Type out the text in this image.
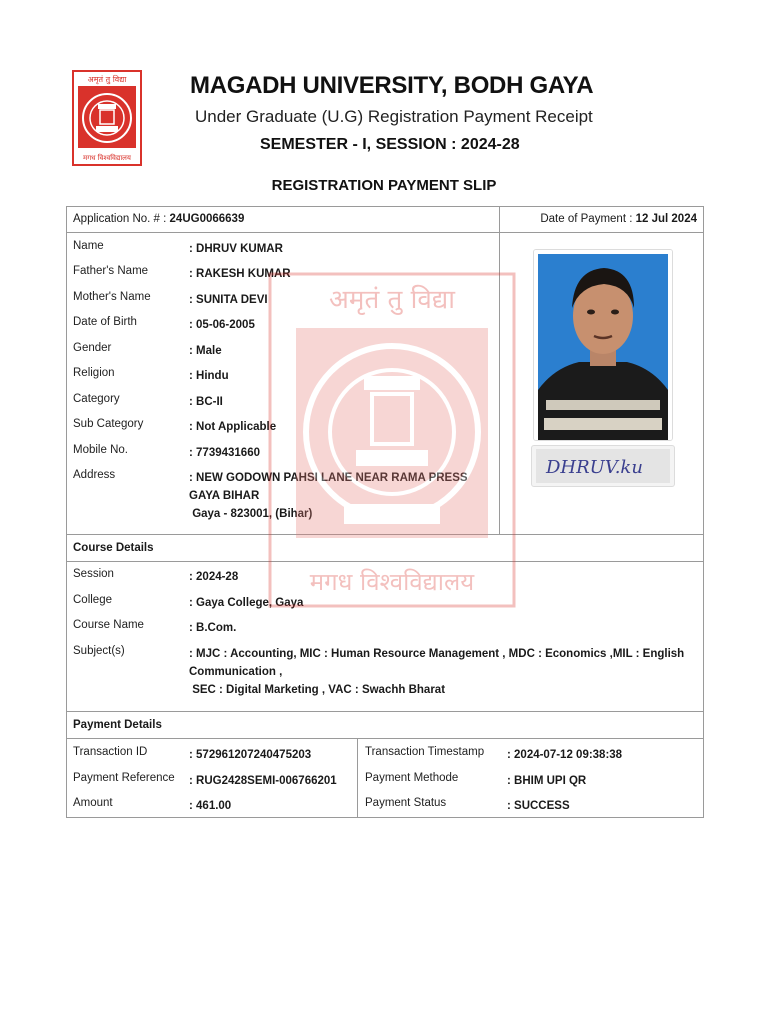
अमृतं तु विद्या
मगध विश्वविद्यालय
MAGADH UNIVERSITY, BODH GAYA
Under Graduate (U.G) Registration Payment Receipt
SEMESTER - I, SESSION : 2024-28
REGISTRATION PAYMENT SLIP
Application No. # : 24UG0066639	Date of Payment : 12 Jul 2024
Name	: DHRUV KUMAR
Father's Name	: RAKESH KUMAR
Mother's Name	: SUNITA DEVI
Date of Birth	: 05-06-2005
Gender	: Male
Religion	: Hindu
Category	: BC-II
Sub Category	: Not Applicable
Mobile No.	: 7739431660
Address	: NEW GODOWN PAHSI LANE NEAR RAMA PRESS
GAYA BIHAR
Gaya - 823001, (Bihar)
DHRUV.ku
Course Details
Session	: 2024-28
College	: Gaya College, Gaya
Course Name	: B.Com.
Subject(s)	: MJC : Accounting, MIC : Human Resource Management , MDC : Economics ,MIL : English
Communication ,
SEC : Digital Marketing , VAC : Swachh Bharat
Payment Details
Transaction ID	: 572961207240475203
Payment Reference	: RUG2428SEMI-006766201
Amount	: 461.00
Transaction Timestamp	: 2024-07-12 09:38:38
Payment Methode	: BHIM UPI QR
Payment Status	: SUCCESS
अमृतं तु विद्या
मगध विश्वविद्यालय
